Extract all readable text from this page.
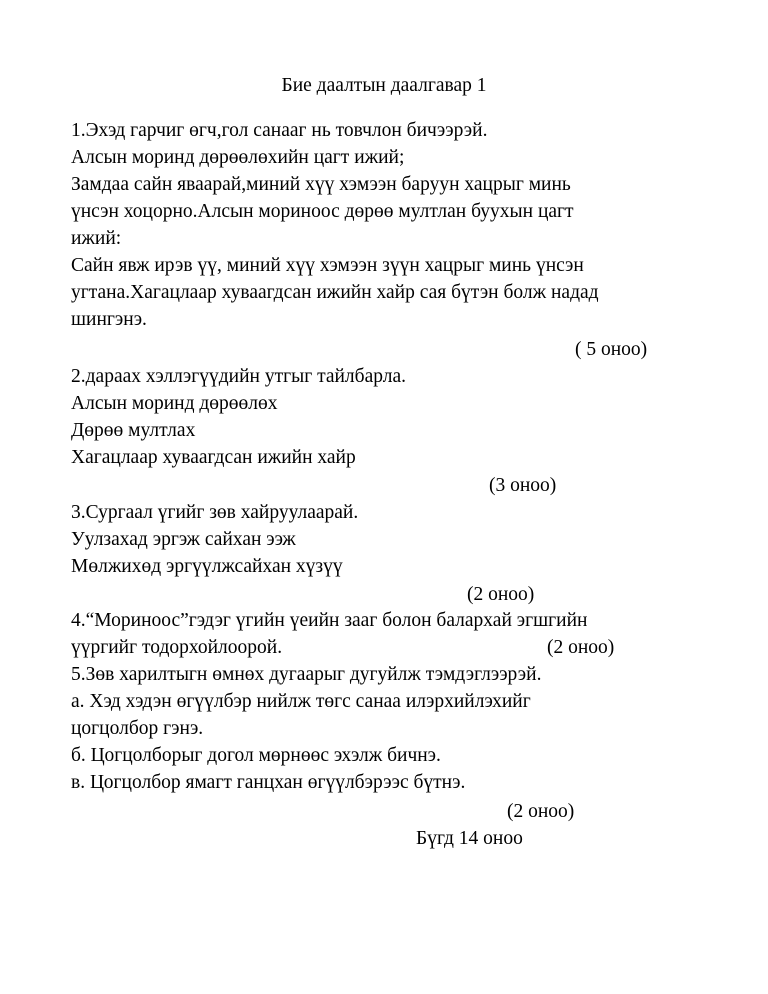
Бие даалтын даалгавар 1
1.Эхэд гарчиг өгч,гол санааг нь товчлон бичээрэй.
Алсын моринд дөрөөлөхийн цагт ижий;
Замдаа сайн яваарай,миний хүү хэмээн баруун хацрыг минь
үнсэн хоцорно.Алсын мориноос дөрөө мултлан буухын цагт
ижий:
Сайн явж ирэв үү, миний хүү хэмээн зүүн хацрыг минь үнсэн
угтана.Хагацлаар хуваагдсан ижийн хайр сая бүтэн болж надад
шингэнэ.
( 5 оноо)
2.дараах хэллэгүүдийн утгыг тайлбарла.
Алсын моринд дөрөөлөх
Дөрөө мултлах
Хагацлаар хуваагдсан ижийн хайр
(3 оноо)
3.Сургаал үгийг зөв хайруулаарай.
Уулзахад эргэж сайхан ээж
Мөлжихөд эргүүлжсайхан хүзүү
(2 оноо)
4.“Мориноос”гэдэг үгийн үеийн зааг болон балархай эгшгийн
үүргийг тодорхойлоорой.	(2 оноо)
5.Зөв харилтыгн өмнөх дугаарыг дугуйлж тэмдэглээрэй.
а. Хэд хэдэн өгүүлбэр нийлж төгс санаа илэрхийлэхийг
цогцолбор гэнэ.
б. Цогцолборыг догол мөрнөөс эхэлж бичнэ.
в. Цогцолбор ямагт ганцхан өгүүлбэрээс бүтнэ.
(2 оноо)
Бүгд 14 оноо
